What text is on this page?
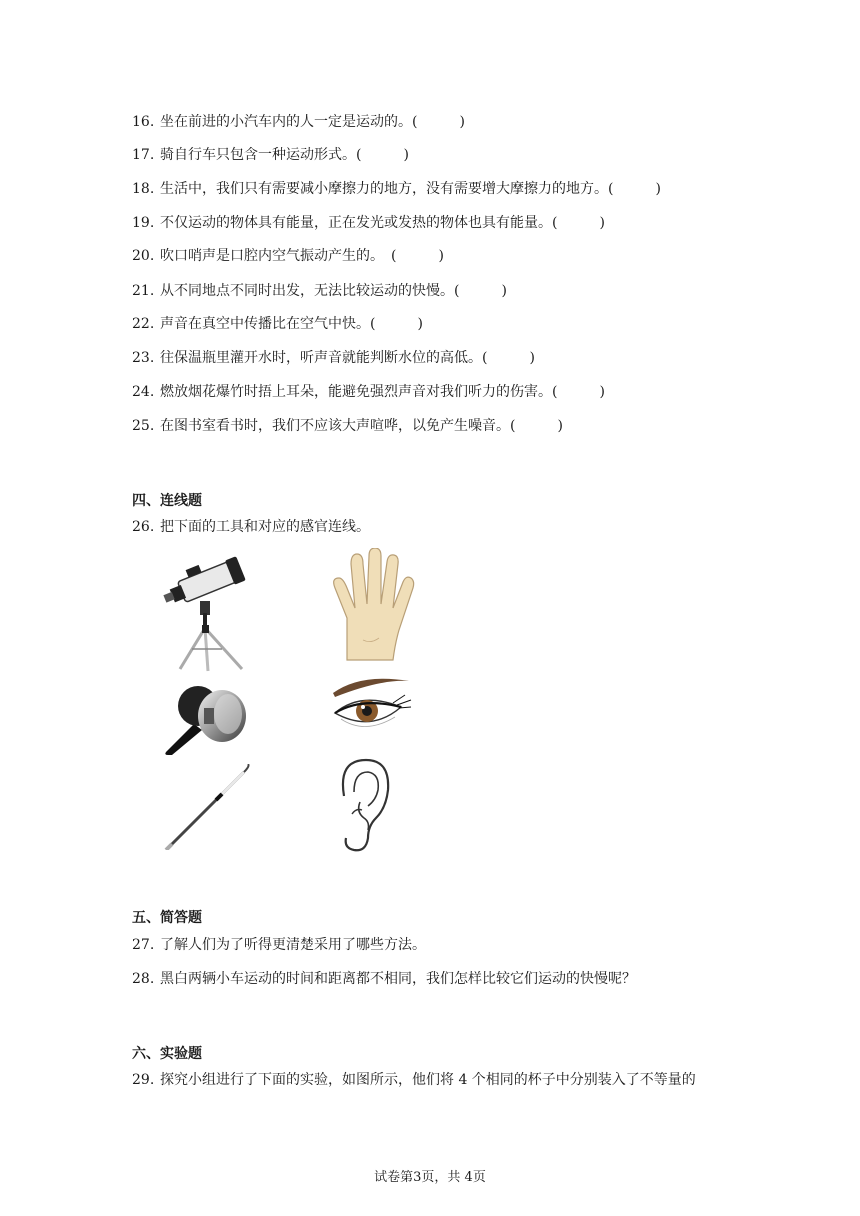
16. 坐在前进的小汽车内的人一定是运动的。(　　　)
17. 骑自行车只包含一种运动形式。(　　　)
18. 生活中，我们只有需要减小摩擦力的地方，没有需要增大摩擦力的地方。(　　　)
19. 不仅运动的物体具有能量，正在发光或发热的物体也具有能量。(　　　)
20. 吹口哨声是口腔内空气振动产生的。　(　　　)
21. 从不同地点不同时出发，无法比较运动的快慢。(　　　)
22. 声音在真空中传播比在空气中快。(　　　)
23. 往保温瓶里灌开水时，听声音就能判断水位的高低。(　　　)
24. 燃放烟花爆竹时捂上耳朵，能避免强烈声音对我们听力的伤害。(　　　)
25. 在图书室看书时，我们不应该大声喧哗，以免产生噪音。(　　　)
四、连线题
26. 把下面的工具和对应的感官连线。
五、简答题
27. 了解人们为了听得更清楚采用了哪些方法。
28. 黑白两辆小车运动的时间和距离都不相同，我们怎样比较它们运动的快慢呢？
六、实验题
29. 探究小组进行了下面的实验，如图所示，他们将 4 个相同的杯子中分别装入了不等量的
试卷第3页，共 4页
